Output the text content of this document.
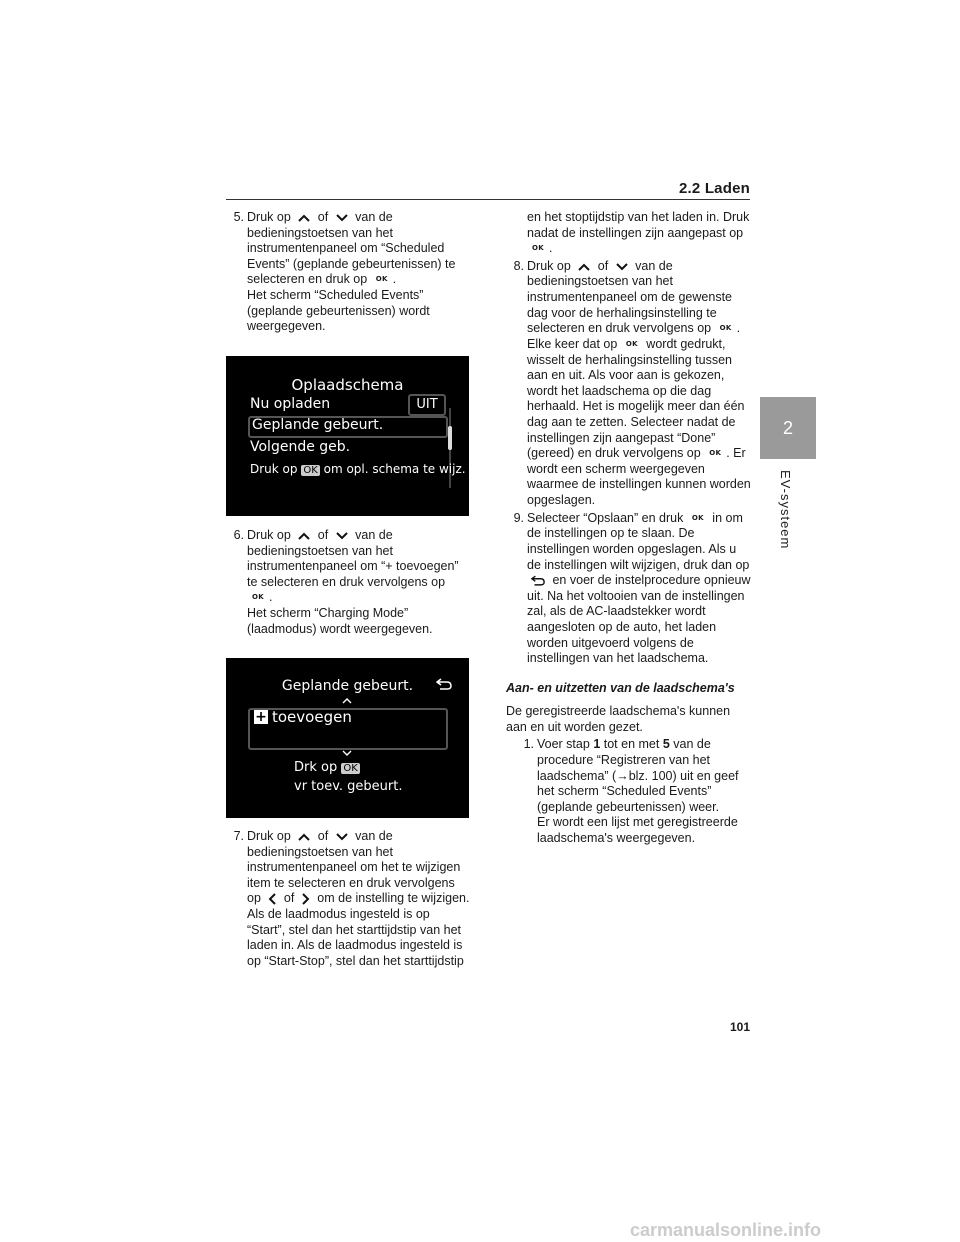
2.2 Laden
2
EV-systeem
5. Druk op of van de bedieningstoetsen van het instrumentenpaneel om “Scheduled Events” (geplande gebeurtenissen) te selecteren en druk op OK .

Het scherm “Scheduled Events” (geplande gebeurtenissen) wordt weergegeven.

Oplaadschema
Nu opladen	UIT
Geplande gebeurt.
Volgende geb.
Druk op OK om opl. schema te wijz.
6. Druk op of van de bedieningstoetsen van het instrumentenpaneel om “+ toevoegen” te selecteren en druk vervolgens op OK .

Het scherm “Charging Mode” (laadmodus) wordt weergegeven.

Geplande gebeurt.
+ toevoegen
Drk op OK
vr toev. gebeurt.
7. Druk op of van de bedieningstoetsen van het instrumentenpaneel om het te wijzigen item te selecteren en druk vervolgens op of om de instelling te wijzigen. Als de laadmodus ingesteld is op “Start”, stel dan het starttijdstip van het laden in. Als de laadmodus ingesteld is op “Start-Stop”, stel dan het starttijdstip

en het stoptijdstip van het laden in. Druk nadat de instellingen zijn aangepast op OK .

8. Druk op of van de bedieningstoetsen van het instrumentenpaneel om de gewenste dag voor de herhalingsinstelling te selecteren en druk vervolgens op OK . Elke keer dat op OK wordt gedrukt, wisselt de herhalingsinstelling tussen aan en uit. Als voor aan is gekozen, wordt het laadschema op die dag herhaald. Het is mogelijk meer dan één dag aan te zetten. Selecteer nadat de instellingen zijn aangepast “Done” (gereed) en druk vervolgens op OK . Er wordt een scherm weergegeven waarmee de instellingen kunnen worden opgeslagen.
9. Selecteer “Opslaan” en druk OK in om de instellingen op te slaan. De instellingen worden opgeslagen. Als u de instellingen wilt wijzigen, druk dan op  en voer de instelprocedure opnieuw uit. Na het voltooien van de instellingen zal, als de AC-laadstekker wordt aangesloten op de auto, het laden worden uitgevoerd volgens de instellingen van het laadschema.

Aan- en uitzetten van de laadschema's

De geregistreerde laadschema's kunnen aan en uit worden gezet.

1. Voer stap 1 tot en met 5 van de procedure “Registreren van het laadschema” (→blz. 100) uit en geef het scherm “Scheduled Events” (geplande gebeurtenissen) weer.

Er wordt een lijst met geregistreerde laadschema's weergegeven.

101
carmanualsonline.info
